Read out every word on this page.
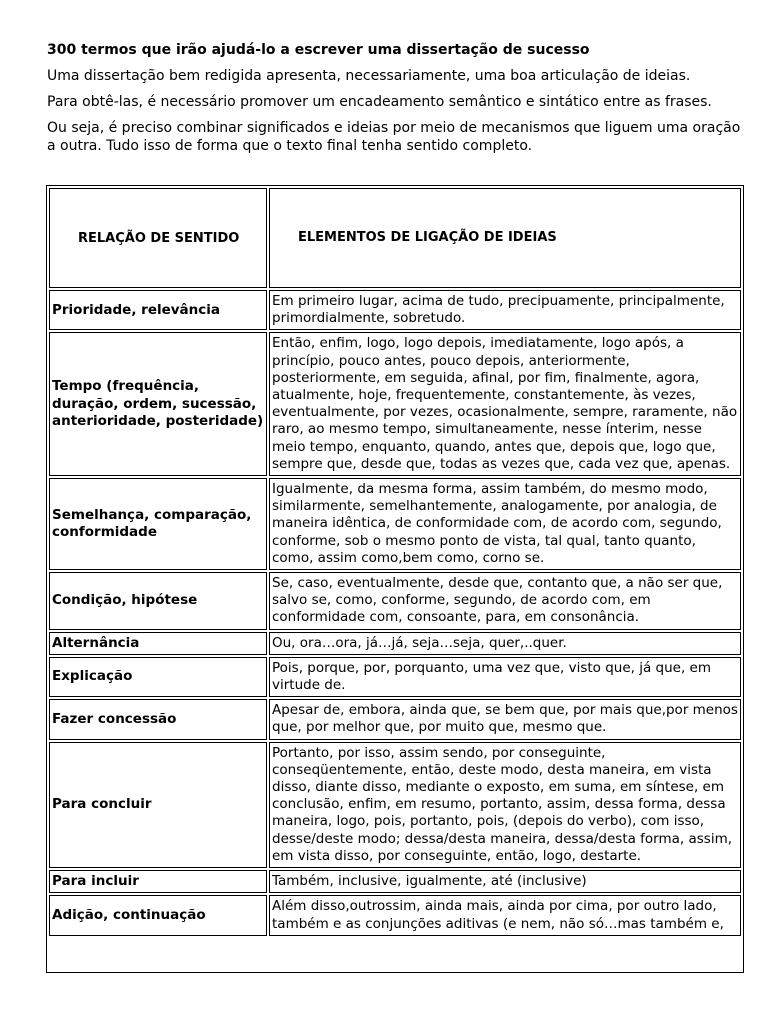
300 termos que irão ajudá-lo a escrever uma dissertação de sucesso

Uma dissertação bem redigida apresenta, necessariamente, uma boa articulação de ideias.

Para obtê-las, é necessário promover um encadeamento semântico e sintático entre as frases.

Ou seja, é preciso combinar significados e ideias por meio de mecanismos que liguem uma oração a outra. Tudo isso de forma que o texto final tenha sentido completo.

RELAÇÃO DE SENTIDO	ELEMENTOS DE LIGAÇÃO DE IDEIAS
Prioridade, relevância	Em primeiro lugar, acima de tudo, precipuamente, principalmente, primordialmente, sobretudo.
Tempo (frequência, duração, ordem, sucessão, anterioridade, posteridade)	Então, enfim, logo, logo depois, imediatamente, logo após, a princípio, pouco antes, pouco depois, anteriormente, posteriormente, em seguida, afinal, por fim, finalmente, agora, atualmente, hoje, frequentemente, constantemente, às vezes, eventualmente, por vezes, ocasionalmente, sempre, raramente, não raro, ao mesmo tempo, simultaneamente, nesse ínterim, nesse meio tempo, enquanto, quando, antes que, depois que, logo que, sempre que, desde que, todas as vezes que, cada vez que, apenas.
Semelhança, comparação, conformidade	Igualmente, da mesma forma, assim também, do mesmo modo, similarmente, semelhantemente, analogamente, por analogia, de maneira idêntica, de conformidade com, de acordo com, segundo, conforme, sob o mesmo ponto de vista, tal qual, tanto quanto, como, assim como,bem como, corno se.
Condição, hipótese	Se, caso, eventualmente, desde que, contanto que, a não ser que, salvo se, como, conforme, segundo, de acordo com, em conformidade com, consoante, para, em consonância.
Alternância	Ou, ora…ora, já…já, seja…seja, quer,..quer.
Explicação	Pois, porque, por, porquanto, uma vez que, visto que, já que, em virtude de.
Fazer concessão	Apesar de, embora, ainda que, se bem que, por mais que,por menos que, por melhor que, por muito que, mesmo que.
Para concluir	Portanto, por isso, assim sendo, por conseguinte, conseqüentemente, então, deste modo, desta maneira, em vista disso, diante disso, mediante o exposto, em suma, em síntese, em conclusão, enfim, em resumo, portanto, assim, dessa forma, dessa maneira, logo, pois, portanto, pois, (depois do verbo), com isso, desse/deste modo; dessa/desta maneira, dessa/desta forma, assim, em vista disso, por conseguinte, então, logo, destarte.
Para incluir	Também, inclusive, igualmente, até (inclusive)
Adição, continuação	Além disso,outrossim, ainda mais, ainda por cima, por outro lado, também e as conjunções aditivas (e nem, não só…mas também e,
